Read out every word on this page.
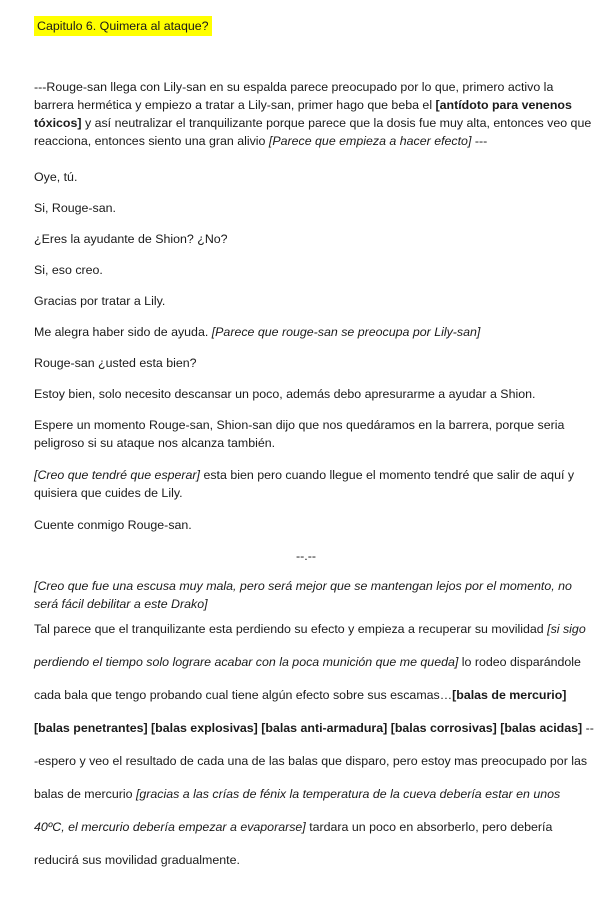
Capitulo 6. Quimera al ataque?

---Rouge-san llega con Lily-san en su espalda parece preocupado por lo que, primero activo la barrera hermética y empiezo a tratar a Lily-san, primer hago que beba el [antídoto para venenos tóxicos] y así neutralizar el tranquilizante porque parece que la dosis fue muy alta, entonces veo que reacciona, entonces siento una gran alivio [Parece que empieza a hacer efecto] ---

Oye, tú.

Si, Rouge-san.

¿Eres la ayudante de Shion? ¿No?

Si, eso creo.

Gracias por tratar a Lily.

Me alegra haber sido de ayuda. [Parece que rouge-san se preocupa por Lily-san]

Rouge-san ¿usted esta bien?

Estoy bien, solo necesito descansar un poco, además debo apresurarme a ayudar a Shion.

Espere un momento Rouge-san, Shion-san dijo que nos quedáramos en la barrera, porque seria peligroso si su ataque nos alcanza también.

[Creo que tendré que esperar] esta bien pero cuando llegue el momento tendré que salir de aquí y quisiera que cuides de Lily.

Cuente conmigo Rouge-san.

--.--

[Creo que fue una escusa muy mala, pero será mejor que se mantengan lejos por el momento, no será fácil debilitar a este Drako]

Tal parece que el tranquilizante esta perdiendo su efecto y empieza a recuperar su movilidad [si sigo perdiendo el tiempo solo lograre acabar con la poca munición que me queda] lo rodeo disparándole cada bala que tengo probando cual tiene algún efecto sobre sus escamas…[balas de mercurio] [balas penetrantes] [balas explosivas] [balas anti-armadura] [balas corrosivas] [balas acidas] ---espero y veo el resultado de cada una de las balas que disparo, pero estoy mas preocupado por las balas de mercurio [gracias a las crías de fénix la temperatura de la cueva debería estar en unos 40ºC, el mercurio debería empezar a evaporarse] tardara un poco en absorberlo, pero debería reducirá sus movilidad gradualmente.
